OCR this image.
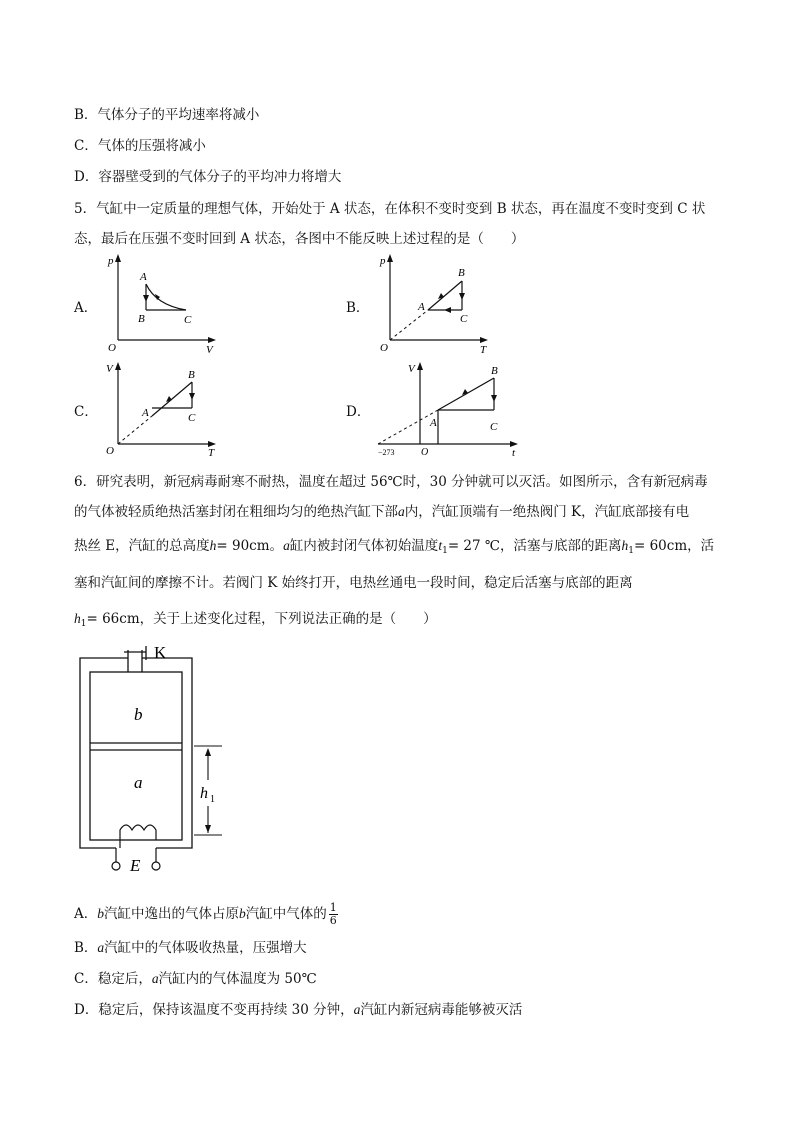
B．气体分子的平均速率将减小
C．气体的压强将减小
D．容器壁受到的气体分子的平均冲力将增大
5．气缸中一定质量的理想气体，开始处于 A 状态，在体积不变时变到 B 状态，再在温度不变时变到 C 状
态，最后在压强不变时回到 A 状态，各图中不能反映上述过程的是（　　）
A．	B．
C．	D．
p
V
O
A
B	C
p
T
O
A
B
C
V
T
O
A
B
C
V
t
O
−273
A
B
C
6．研究表明，新冠病毒耐寒不耐热，温度在超过 56℃时，30 分钟就可以灭活。如图所示，含有新冠病毒
的气体被轻质绝热活塞封闭在粗细均匀的绝热汽缸下部a内，汽缸顶端有一绝热阀门 K，汽缸底部接有电
热丝 E，汽缸的总高度h= 90cm。a缸内被封闭气体初始温度$t_1= 27$ ℃，活塞与底部的距离$h_1= 60cm$，活
塞和汽缸间的摩擦不计。若阀门 K 始终打开，电热丝通电一段时间，稳定后活塞与底部的距离
$h_1= 66cm$，关于上述变化过程，下列说法正确的是（　　）
K
b
a
E
h 1
A．b汽缸中逸出的气体占原b汽缸中气体的 $\frac{1}{6}$
B．a汽缸中的气体吸收热量，压强增大
C．稳定后，a汽缸内的气体温度为 50℃
D．稳定后，保持该温度不变再持续 30 分钟，a汽缸内新冠病毒能够被灭活
